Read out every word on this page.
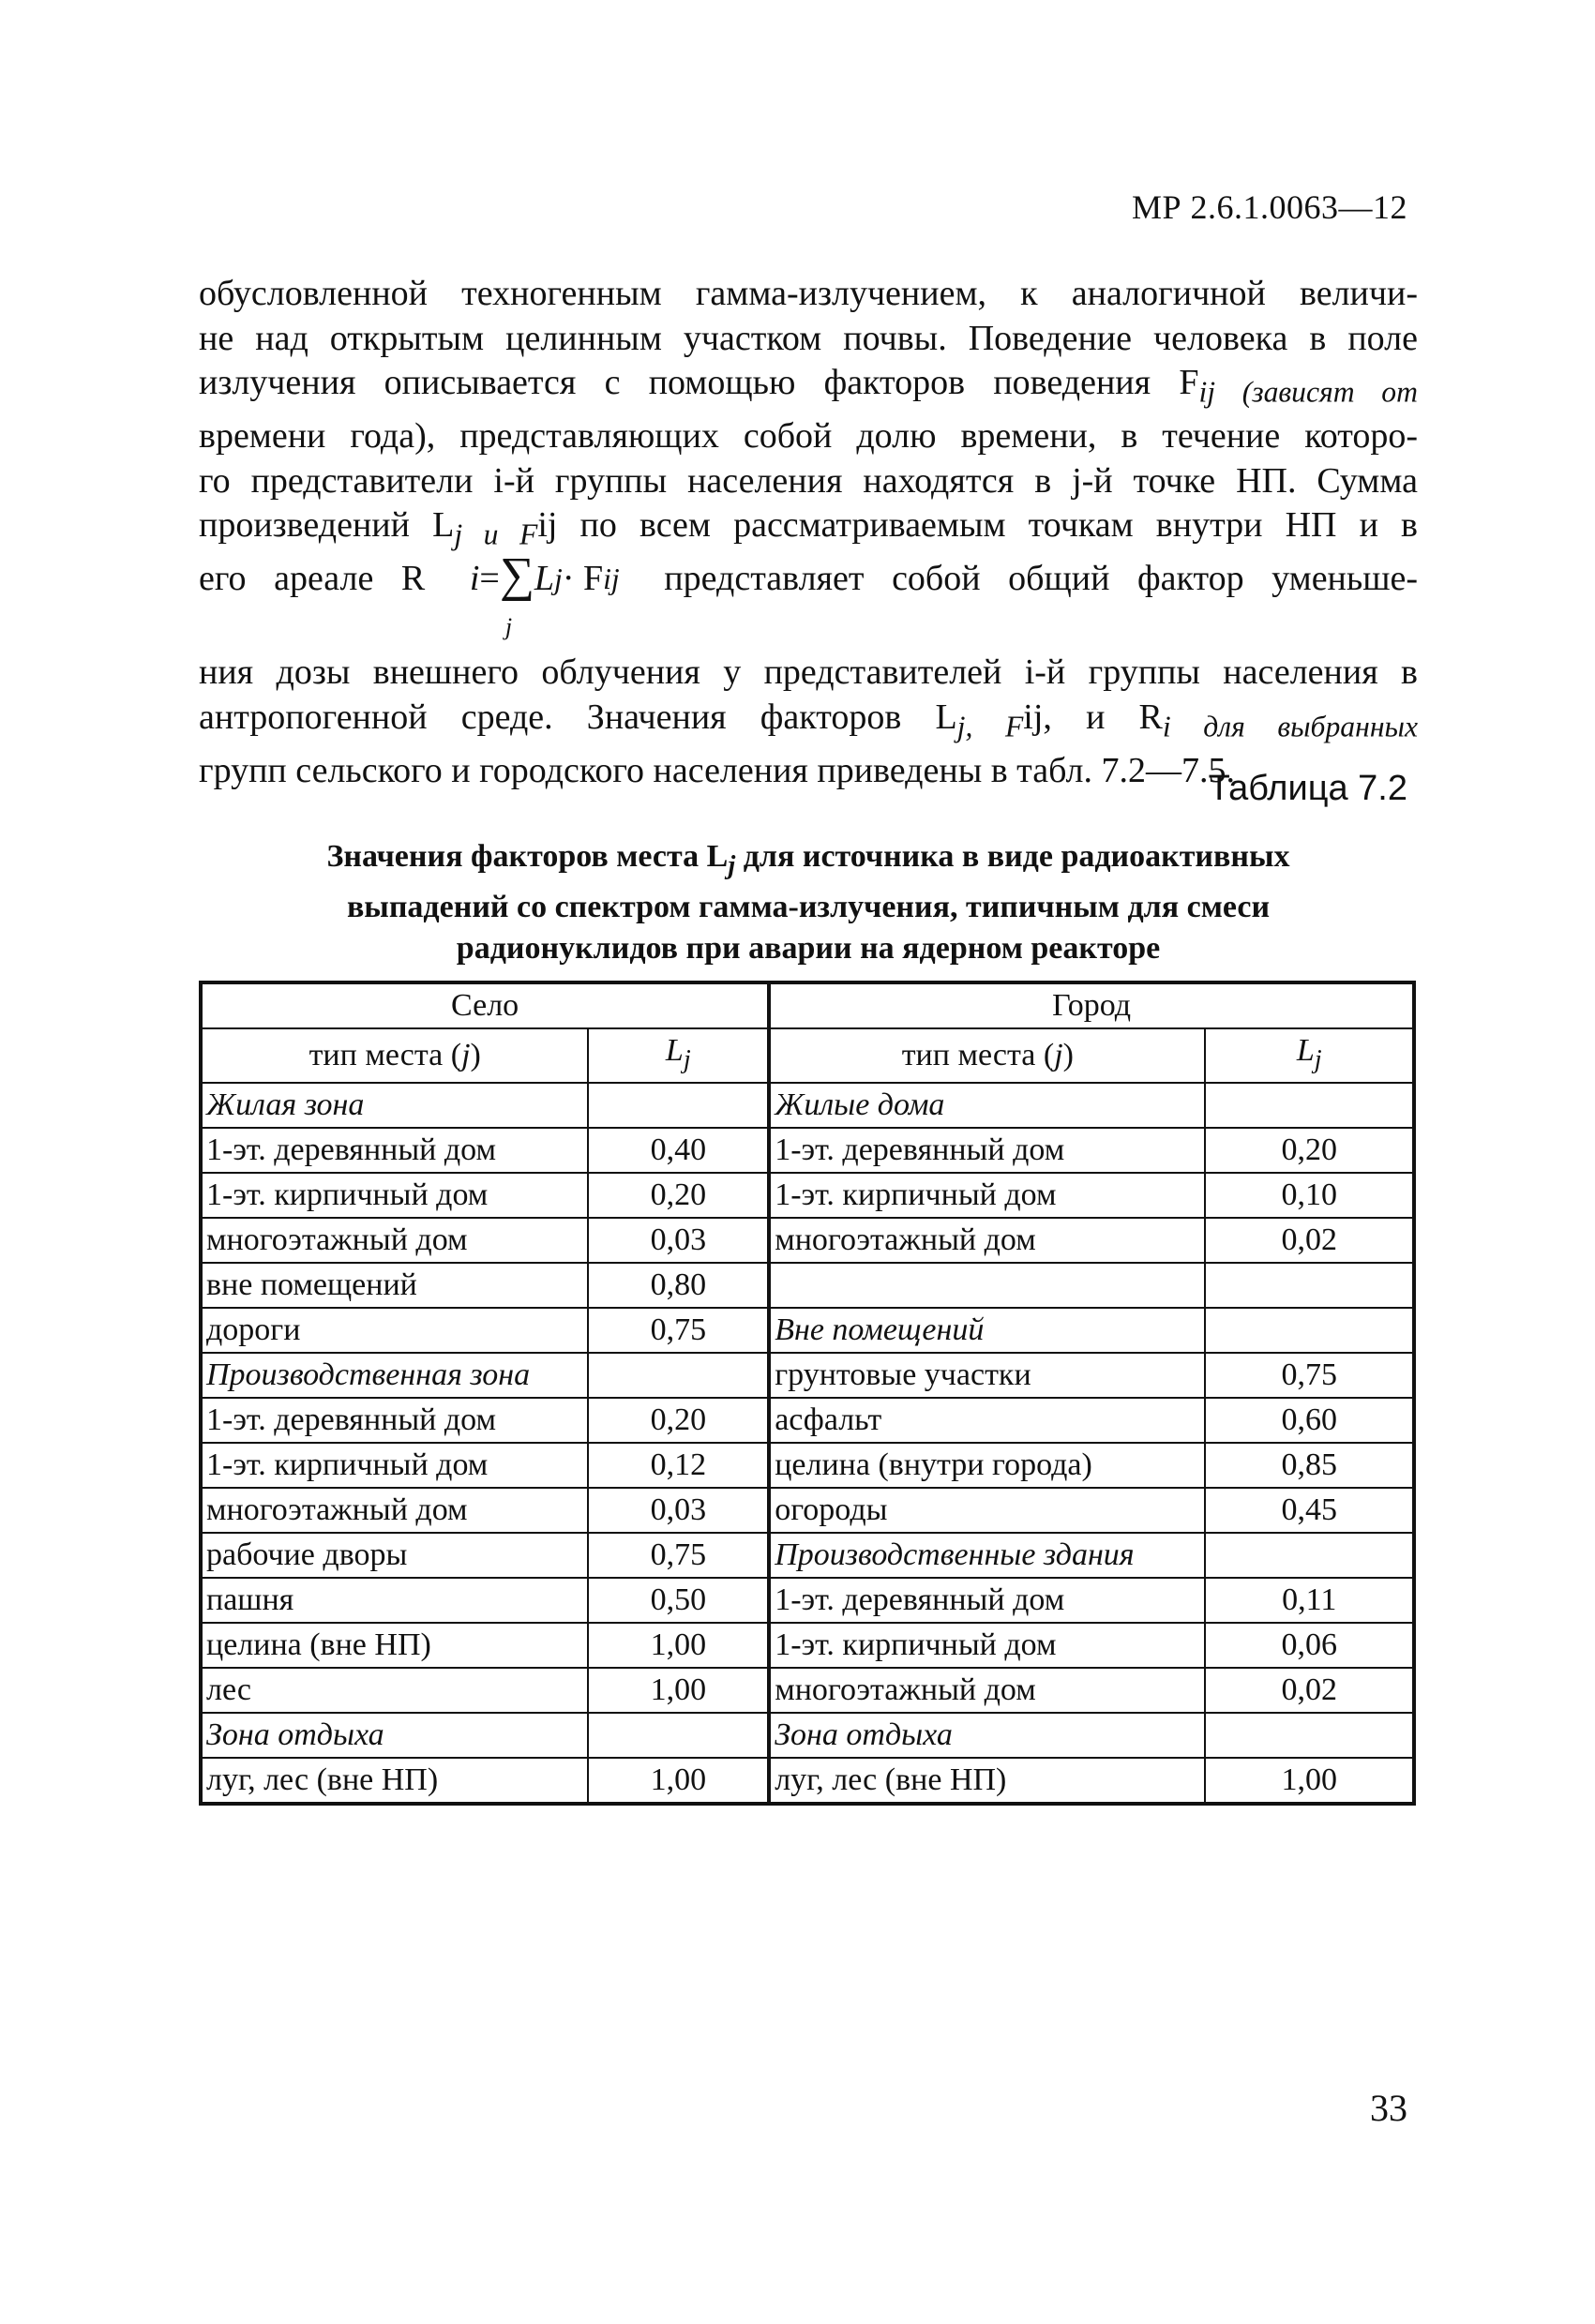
МР 2.6.1.0063—12
обусловленной техногенным гамма-излучением, к аналогичной величи-
не над открытым целинным участком почвы. Поведение человека в поле
излучения описывается с помощью факторов поведения $F_{ij (зависят от}$
времени года), представляющих собой долю времени, в течение которо-
го представители i-й группы населения находятся в j-й точке НП. Сумма
произведений $L_{j и F}ij$ по всем рассматриваемым точкам внутри НП и в
его ареале R i = ∑
j
L j · F ij представляет собой общий фактор уменьше-
ния дозы внешнего облучения у представителей i-й группы населения в
антропогенной среде. Значения факторов $L_{j, F}ij$, и $R_{i для выбранных}$
групп сельского и городского населения приведены в табл. 7.2—7.5.
Таблица 7.2
Значения факторов места $L_j$ для источника в виде радиоактивных
выпадений со спектром гамма-излучения, типичным для смеси
радионуклидов при аварии на ядерном реакторе
Село		Город	
тип места (j)	$L_j$	тип места (j)	$L_j$
Жилая зона		Жилые дома	
1-эт. деревянный дом	0,40	1-эт. деревянный дом	0,20
1-эт. кирпичный дом	0,20	1-эт. кирпичный дом	0,10
многоэтажный дом	0,03	многоэтажный дом	0,02
вне помещений	0,80		
дороги	0,75	Вне помещений	
Производственная зона		грунтовые участки	0,75
1-эт. деревянный дом	0,20	асфальт	0,60
1-эт. кирпичный дом	0,12	целина (внутри города)	0,85
многоэтажный дом	0,03	огороды	0,45
рабочие дворы	0,75	Производственные здания	
пашня	0,50	1-эт. деревянный дом	0,11
целина (вне НП)	1,00	1-эт. кирпичный дом	0,06
лес	1,00	многоэтажный дом	0,02
Зона отдыха		Зона отдыха	
луг, лес (вне НП)	1,00	луг, лес (вне НП)	1,00
33
